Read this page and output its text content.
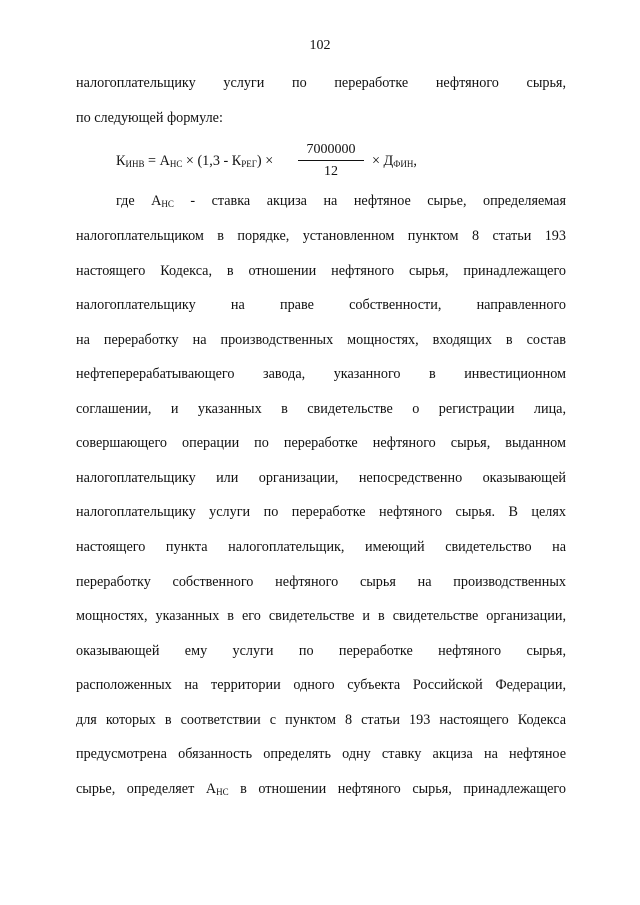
102
налогоплательщику услуги по переработке нефтяного сырья,
по следующей формуле:
КИНВ = АНС × (1,3 - КРЕГ) ×
7000000
12
× ДФИН,
где АНС - ставка акциза на нефтяное сырье, определяемая
налогоплательщиком в порядке, установленном пунктом 8 статьи 193
настоящего Кодекса, в отношении нефтяного сырья, принадлежащего
налогоплательщику на праве собственности, направленного
на переработку на производственных мощностях, входящих в состав
нефтеперерабатывающего завода, указанного в инвестиционном
соглашении, и указанных в свидетельстве о регистрации лица,
совершающего операции по переработке нефтяного сырья, выданном
налогоплательщику или организации, непосредственно оказывающей
налогоплательщику услуги по переработке нефтяного сырья. В целях
настоящего пункта налогоплательщик, имеющий свидетельство на
переработку собственного нефтяного сырья на производственных
мощностях, указанных в его свидетельстве и в свидетельстве организации,
оказывающей ему услуги по переработке нефтяного сырья,
расположенных на территории одного субъекта Российской Федерации,
для которых в соответствии с пунктом 8 статьи 193 настоящего Кодекса
предусмотрена обязанность определять одну ставку акциза на нефтяное
сырье, определяет АНС в отношении нефтяного сырья, принадлежащего
